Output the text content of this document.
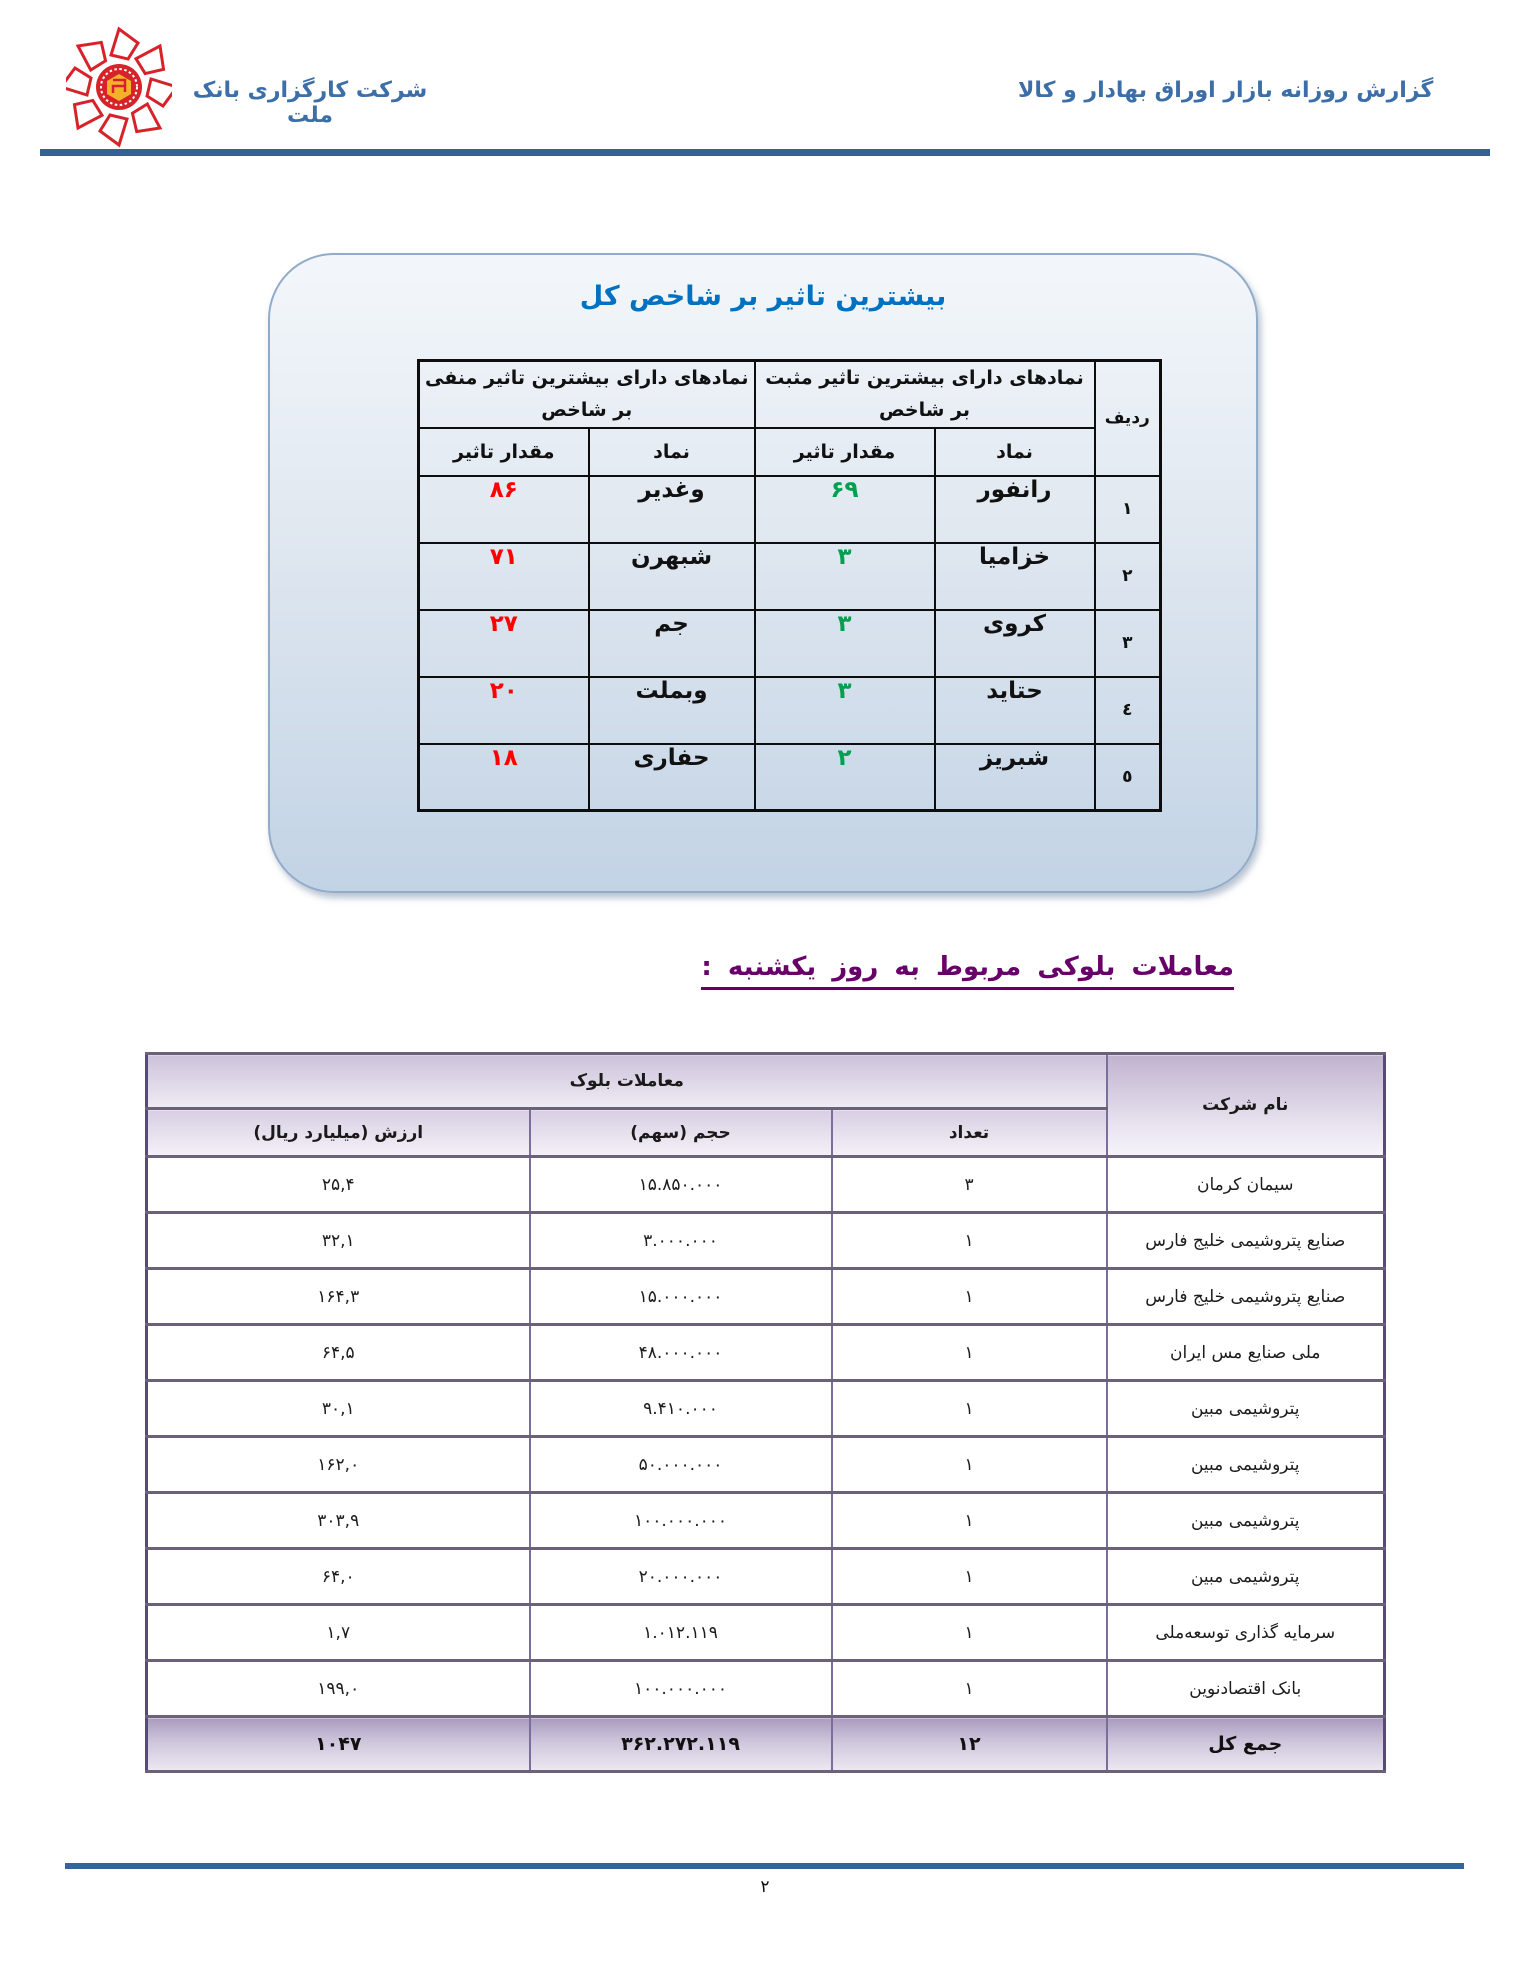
شرکت کارگزاری بانک ملت
گزارش روزانه بازار اوراق بهادار و کالا
بیشترین تاثیر بر شاخص کل
ردیف	نمادهای دارای بیشترین تاثیر مثبت بر شاخص		نمادهای دارای بیشترین تاثیر منفی بر شاخص	
	نماد	مقدار تاثیر	نماد	مقدار تاثیر
۱	رانفور	۶۹	وغدیر	۸۶
۲	خزامیا	۳	شبهرن	۷۱
۳	کروی	۳	جم	۲۷
٤	حتاید	۳	وبملت	۲۰
٥	شبریز	۲	حفاری	۱۸
معاملات بلوکی مربوط به روز یکشنبه :
نام شرکت	معاملات بلوک		
	تعداد	حجم (سهم)	ارزش (میلیارد ریال)
سیمان کرمان	۳	۱۵.۸۵۰.۰۰۰	۲۵,۴
صنایع پتروشیمی خلیج فارس	۱	۳.۰۰۰.۰۰۰	۳۲,۱
صنایع پتروشیمی خلیج فارس	۱	۱۵.۰۰۰.۰۰۰	۱۶۴,۳
ملی صنایع مس ایران	۱	۴۸.۰۰۰.۰۰۰	۶۴,۵
پتروشیمی مبین	۱	۹.۴۱۰.۰۰۰	۳۰,۱
پتروشیمی مبین	۱	۵۰.۰۰۰.۰۰۰	۱۶۲,۰
پتروشیمی مبین	۱	۱۰۰.۰۰۰.۰۰۰	۳۰۳,۹
پتروشیمی مبین	۱	۲۰.۰۰۰.۰۰۰	۶۴,۰
سرمایه گذاری توسعه‌ملی	۱	۱.۰۱۲.۱۱۹	۱,۷
بانک اقتصادنوین	۱	۱۰۰.۰۰۰.۰۰۰	۱۹۹,۰
جمع کل	۱۲	۳۶۲.۲۷۲.۱۱۹	۱۰۴۷
۲
